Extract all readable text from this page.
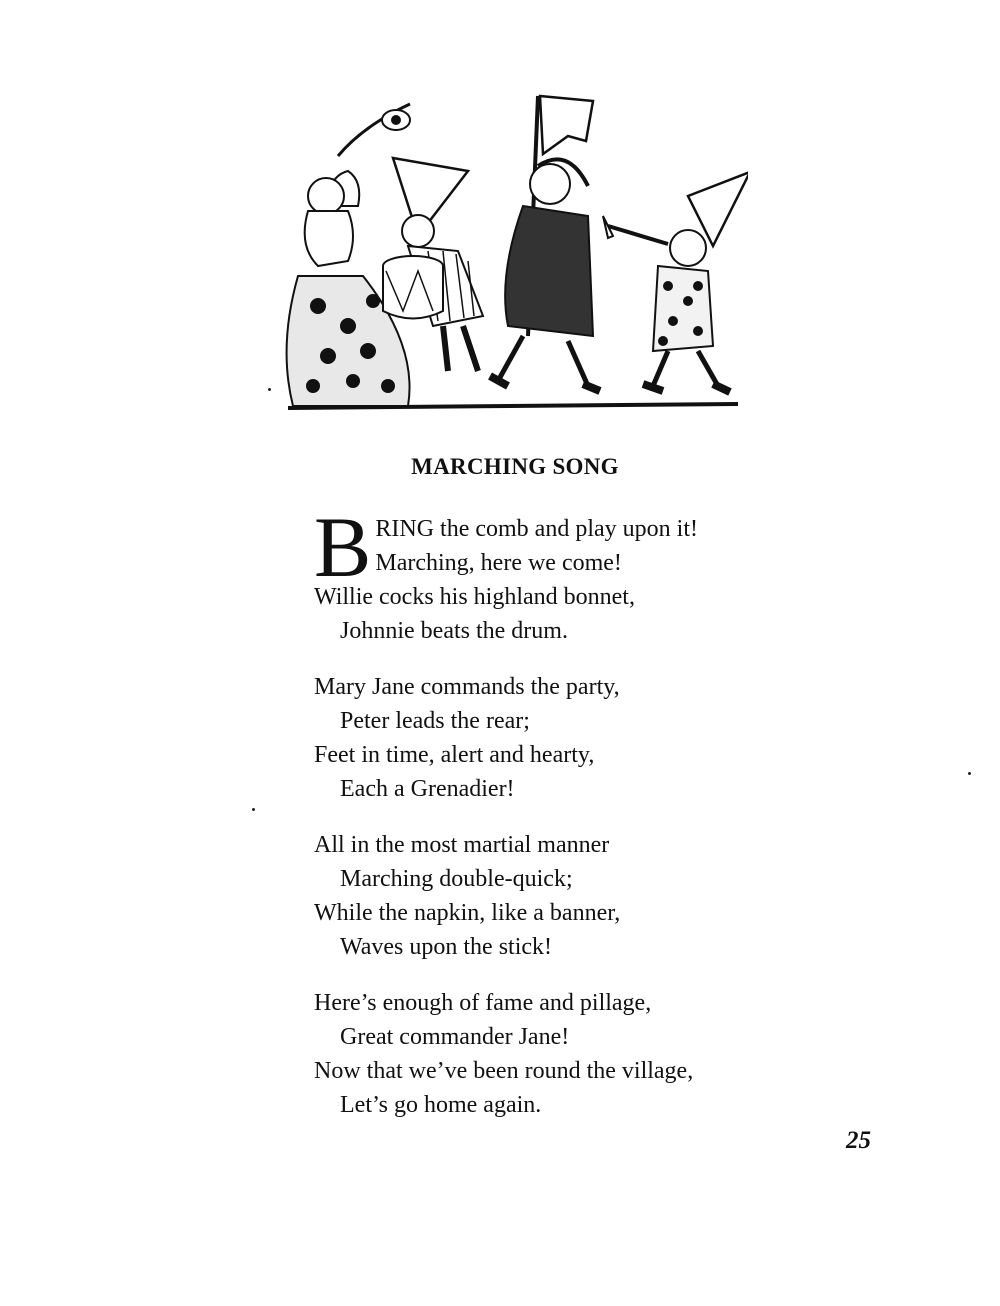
MARCHING SONG
B RING the comb and play upon it!
Marching, here we come!
Willie cocks his highland bonnet,
Johnnie beats the drum.
Mary Jane commands the party,
Peter leads the rear;
Feet in time, alert and hearty,
Each a Grenadier!
All in the most martial manner
Marching double-quick;
While the napkin, like a banner,
Waves upon the stick!
Here’s enough of fame and pillage,
Great commander Jane!
Now that we’ve been round the village,
Let’s go home again.
25
